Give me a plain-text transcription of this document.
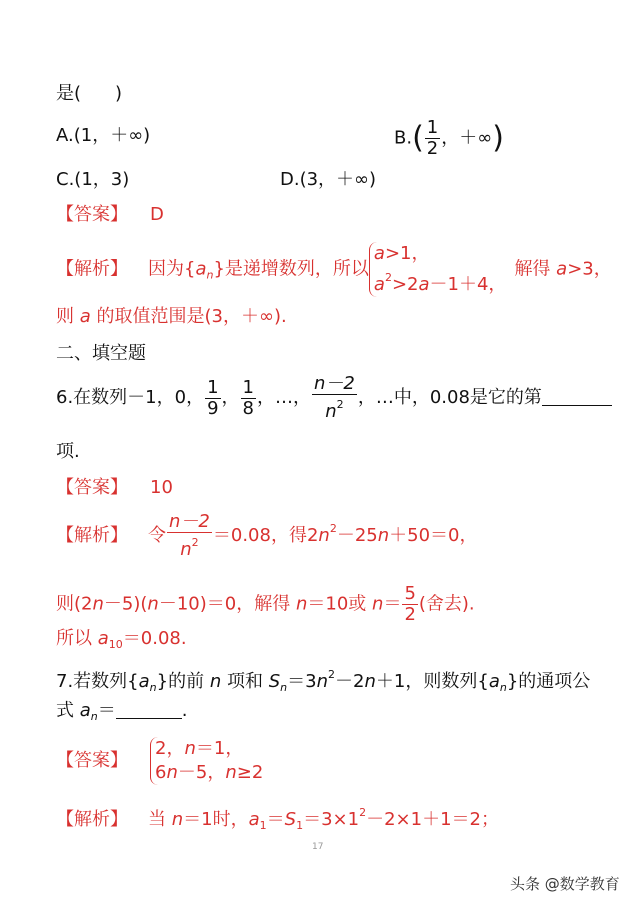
是( )
A.(1，＋∞)	$B.( \frac{1}{2}$ ，＋∞)
C.(1，3)	D.(3，＋∞)
【答案】 D
【解析】 因为$\{a_n\}$是递增数列，所以
a>1，
$a^2>2a-1+4$，
解得 a>3，
则 a 的取值范围是(3，＋∞).
二、填空题
6.在数列－1，0， $\frac{1}{9}$ ， $\frac{1}{8}$ ，…， $\frac{n-2}{n^2}$ ，…中，0.08是它的第
项.
【答案】 10
【解析】 令 $\frac{n-2}{n^2} =0.08$，得$2n^2-25n+50=0$，
则(2n－5)(n－10)＝0，解得 n＝10或 $n= \frac{5}{2}$ (舍去).
所以 $a_{10}=0.08$.
7.若数列$\{a_n\}$的前 n 项和 $S_n=3n^2-2n+1$，则数列$\{a_n\}$的通项公
式 $a_n=$	.
【答案】
2，n＝1，
6n－5，n≥2
【解析】 当 n＝1时，$a_1=S_1=3\times 1^2-2\times 1+1=2$；
17
头条 @数学教育
